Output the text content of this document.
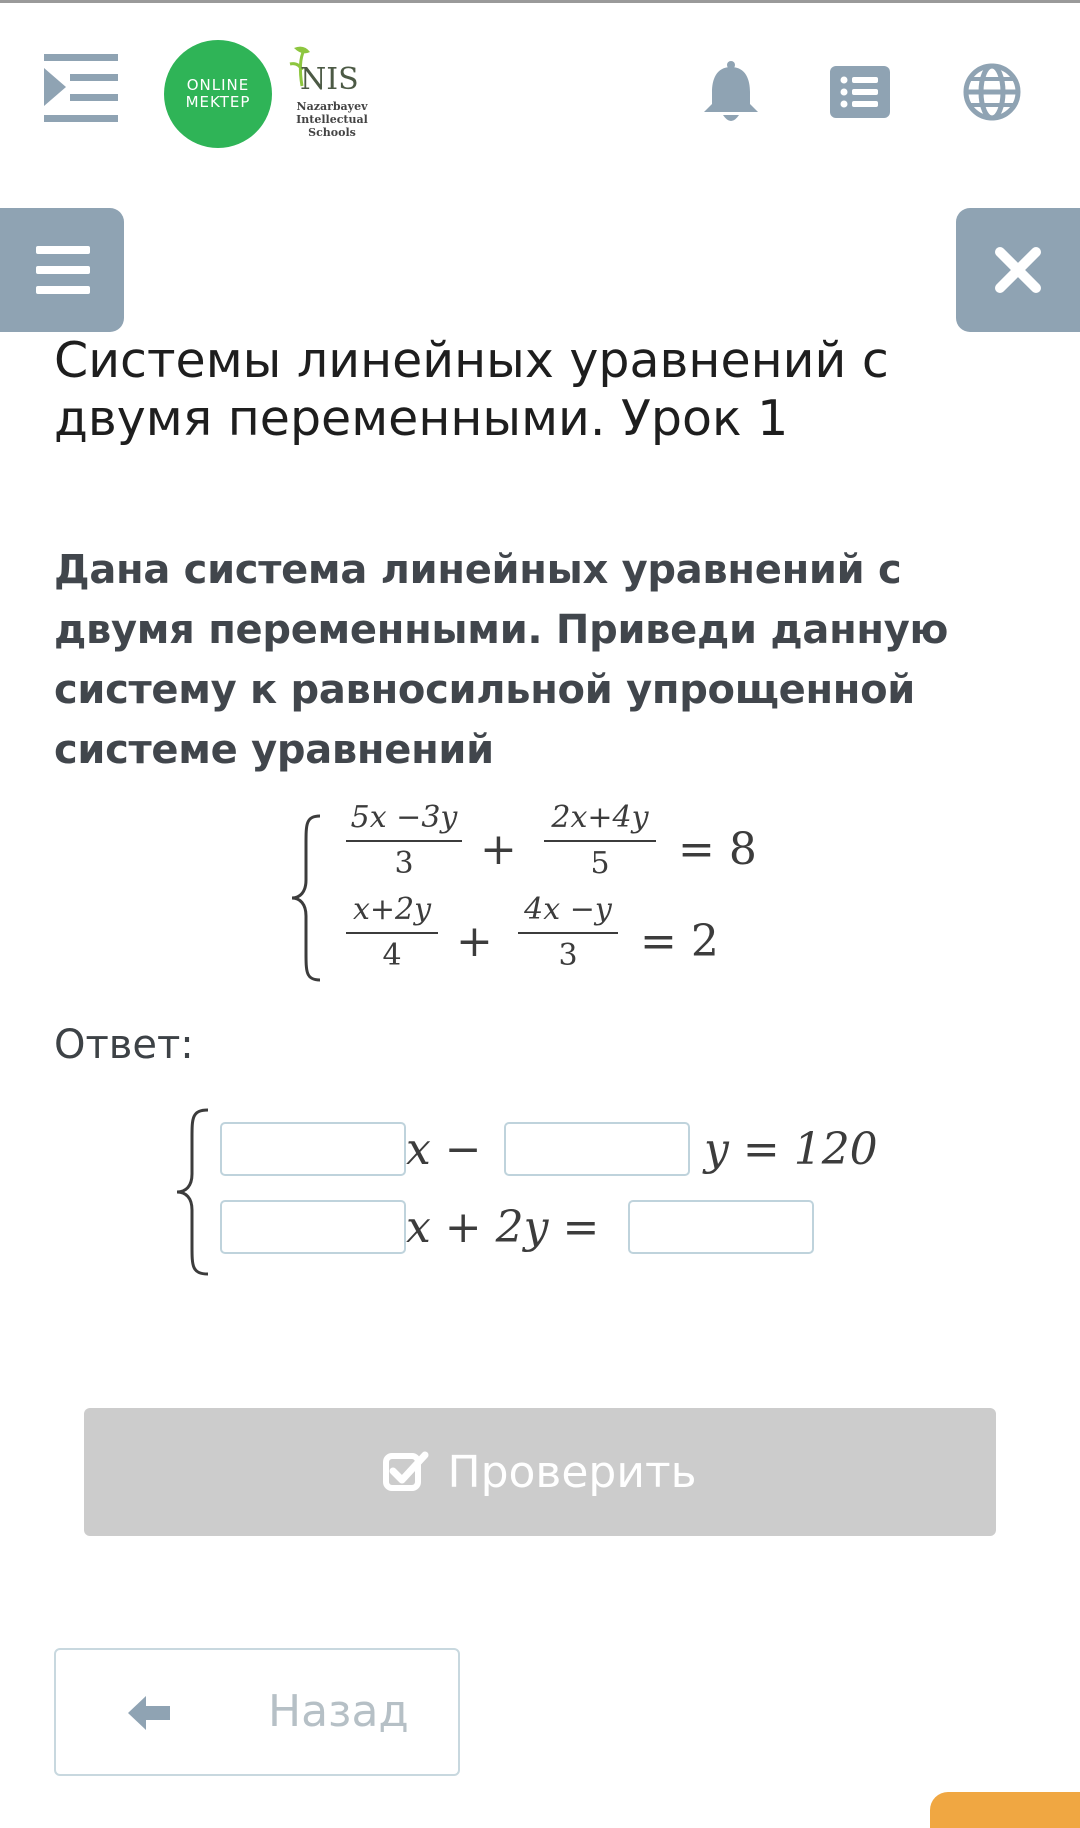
ONLINE
MEKTEP
NIS
Nazarbayev
Intellectual
Schools
Системы линейных уравнений с двумя переменными. Урок 1

Дана система линейных уравнений с двумя переменными. Приведи данную систему к равносильной упрощенной системе уравнений

5x −3y
3	+
2x+4y
5	= 8
x+2y
4	+
4x −y
3	= 2
Ответ:
x −	y = 120
x + 2y =
Проверить
Назад
